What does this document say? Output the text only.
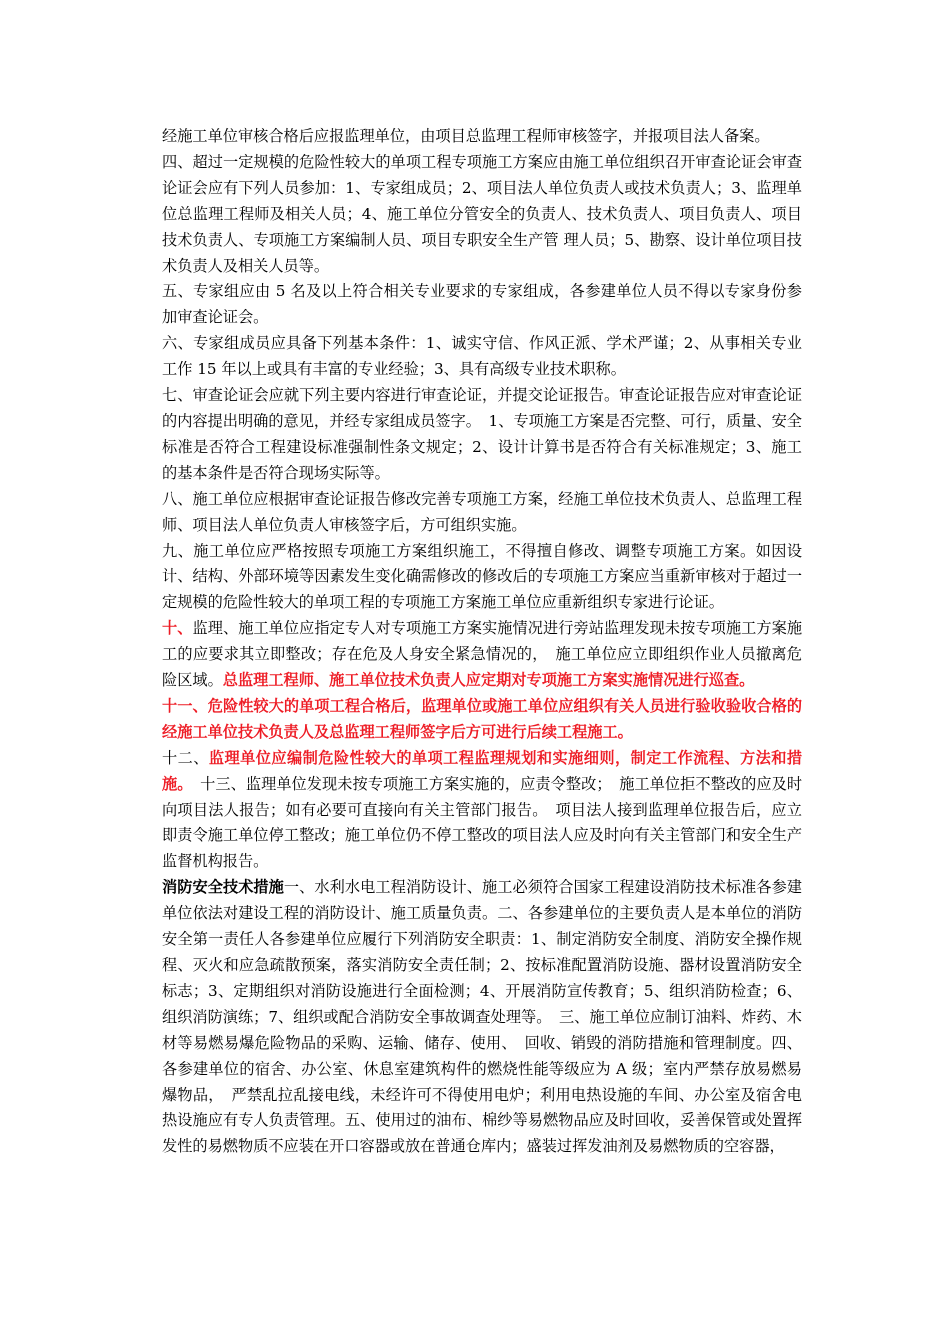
经施工单位审核合格后应报监理单位，由项目总监理工程师审核签字，并报项目法人备案。

四、超过一定规模的危险性较大的单项工程专项施工方案应由施工单位组织召开审查论证会审查论证会应有下列人员参加：1、专家组成员；2、项目法人单位负责人或技术负责人；3、监理单位总监理工程师及相关人员；4、施工单位分管安全的负责人、技术负责人、项目负责人、项目技术负责人、专项施工方案编制人员、项目专职安全生产管 理人员；5、勘察、设计单位项目技术负责人及相关人员等。

五、专家组应由 5 名及以上符合相关专业要求的专家组成，各参建单位人员不得以专家身份参加审查论证会。

六、专家组成员应具备下列基本条件：1、诚实守信、作风正派、学术严谨；2、从事相关专业工作 15 年以上或具有丰富的专业经验；3、具有高级专业技术职称。

七、审查论证会应就下列主要内容进行审查论证，并提交论证报告。审查论证报告应对审查论证的内容提出明确的意见，并经专家组成员签字。　1、专项施工方案是否完整、可行，质量、安全标准是否符合工程建设标准强制性条文规定；2、设计计算书是否符合有关标准规定；3、施工的基本条件是否符合现场实际等。

八、施工单位应根据审查论证报告修改完善专项施工方案，经施工单位技术负责人、总监理工程师、项目法人单位负责人审核签字后，方可组织实施。

九、施工单位应严格按照专项施工方案组织施工，不得擅自修改、调整专项施工方案。如因设计、结构、外部环境等因素发生变化确需修改的修改后的专项施工方案应当重新审核对于超过一定规模的危险性较大的单项工程的专项施工方案施工单位应重新组织专家进行论证。

十、监理、施工单位应指定专人对专项施工方案实施情况进行旁站监理发现未按专项施工方案施工的应要求其立即整改；存在危及人身安全紧急情况的，　施工单位应立即组织作业人员撤离危险区域。总监理工程师、施工单位技术负责人应定期对专项施工方案实施情况进行巡查。

十一、危险性较大的单项工程合格后，监理单位或施工单位应组织有关人员进行验收验收合格的经施工单位技术负责人及总监理工程师签字后方可进行后续工程施工。

十二、监理单位应编制危险性较大的单项工程监理规划和实施细则，制定工作流程、方法和措施。　十三、监理单位发现未按专项施工方案实施的，应责令整改；　施工单位拒不整改的应及时向项目法人报告；如有必要可直接向有关主管部门报告。　项目法人接到监理单位报告后，应立即责令施工单位停工整改；施工单位仍不停工整改的项目法人应及时向有关主管部门和安全生产监督机构报告。

消防安全技术措施一、水利水电工程消防设计、施工必须符合国家工程建设消防技术标准各参建单位依法对建设工程的消防设计、施工质量负责。二、各参建单位的主要负责人是本单位的消防安全第一责任人各参建单位应履行下列消防安全职责：1、制定消防安全制度、消防安全操作规程、灭火和应急疏散预案，落实消防安全责任制；2、按标准配置消防设施、器材设置消防安全标志；3、定期组织对消防设施进行全面检测；4、开展消防宣传教育；5、组织消防检查；6、组织消防演练；7、组织或配合消防安全事故调查处理等。　三、施工单位应制订油料、炸药、木材等易燃易爆危险物品的采购、运输、储存、使用、　回收、销毁的消防措施和管理制度。四、各参建单位的宿舍、办公室、休息室建筑构件的燃烧性能等级应为 A 级；室内严禁存放易燃易爆物品，　严禁乱拉乱接电线，未经许可不得使用电炉；利用电热设施的车间、办公室及宿舍电热设施应有专人负责管理。五、使用过的油布、棉纱等易燃物品应及时回收，妥善保管或处置挥发性的易燃物质不应装在开口容器或放在普通仓库内；盛装过挥发油剂及易燃物质的空容器，
